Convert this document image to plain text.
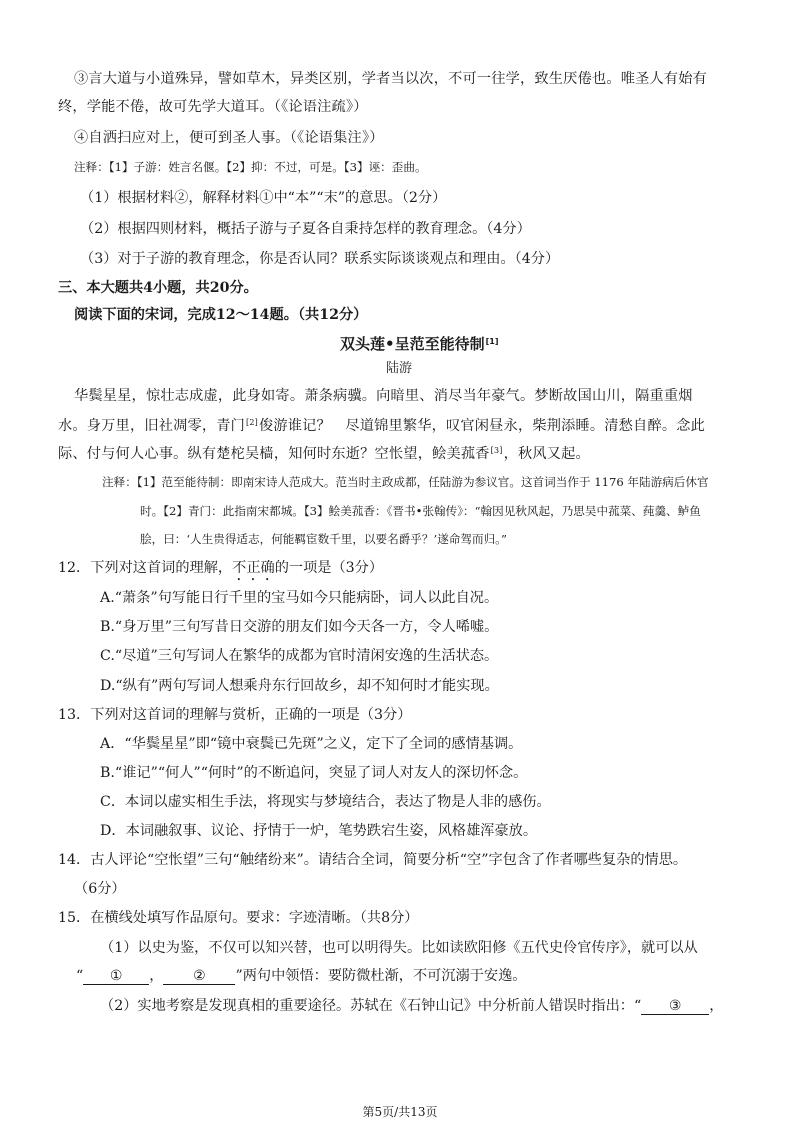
③言大道与小道殊异，譬如草木，异类区别，学者当以次，不可一往学，致生厌倦也。唯圣人有始有
终，学能不倦，故可先学大道耳。（《论语注疏》）
④自洒扫应对上，便可到圣人事。（《论语集注》）
注释：【1】子游：姓言名偃。【2】抑：不过，可是。【3】诬：歪曲。
（1）根据材料②，解释材料①中“本”“末”的意思。（2分）
（2）根据四则材料，概括子游与子夏各自秉持怎样的教育理念。（4分）
（3）对于子游的教育理念，你是否认同？联系实际谈谈观点和理由。（4分）
三、本大题共4小题，共20分。
阅读下面的宋词，完成12～14题。（共12分）
双头莲•呈范至能待制[1]
陆游
华鬓星星，惊壮志成虚，此身如寄。萧条病骥。向暗里、消尽当年豪气。梦断故国山川，隔重重烟
水。身万里，旧社凋零，青门[2]俊游谁记？　尽道锦里繁华，叹官闲昼永，柴荆添睡。清愁自醉。念此
际、付与何人心事。纵有楚柁吴樯，知何时东逝？空怅望，鲙美菰香[3]，秋风又起。
注释：【1】范至能待制：即南宋诗人范成大。范当时主政成都，任陆游为参议官。这首词当作于 1176 年陆游病后休官
时。【2】青门：此指南宋都城。【3】鲙美菰香：《晋书•张翰传》：“翰因见秋风起，乃思吴中菰菜、莼羹、鲈鱼
脍，曰：‘人生贵得适志，何能羁宦数千里，以要名爵乎？’遂命驾而归。”
12．下列对这首词的理解，不正确的一项是（3分）
A.“萧条”句写能日行千里的宝马如今只能病卧，词人以此自况。
B.“身万里”三句写昔日交游的朋友们如今天各一方，令人唏嘘。
C.“尽道”三句写词人在繁华的成都为官时清闲安逸的生活状态。
D.“纵有”两句写词人想乘舟东行回故乡，却不知何时才能实现。
13．下列对这首词的理解与赏析，正确的一项是（3分）
A．“华鬓星星”即“镜中衰鬓已先斑”之义，定下了全词的感情基调。
B.“谁记”“何人”“何时”的不断追问，突显了词人对友人的深切怀念。
C．本词以虚实相生手法，将现实与梦境结合，表达了物是人非的感伤。
D．本词融叙事、议论、抒情于一炉，笔势跌宕生姿，风格雄浑豪放。
14．古人评论“空怅望”三句“触绪纷来”。请结合全词，简要分析“空”字包含了作者哪些复杂的情思。
（6分）
15．在横线处填写作品原句。要求：字迹清晰。（共8分）
（1）以史为鉴，不仅可以知兴替，也可以明得失。比如读欧阳修《五代史伶官传序》，就可以从
“ ① ， ② ”两句中领悟：要防微杜渐，不可沉溺于安逸。
（2）实地考察是发现真相的重要途径。苏轼在《石钟山记》中分析前人错误时指出：“ ③ ，
第5页/共13页
